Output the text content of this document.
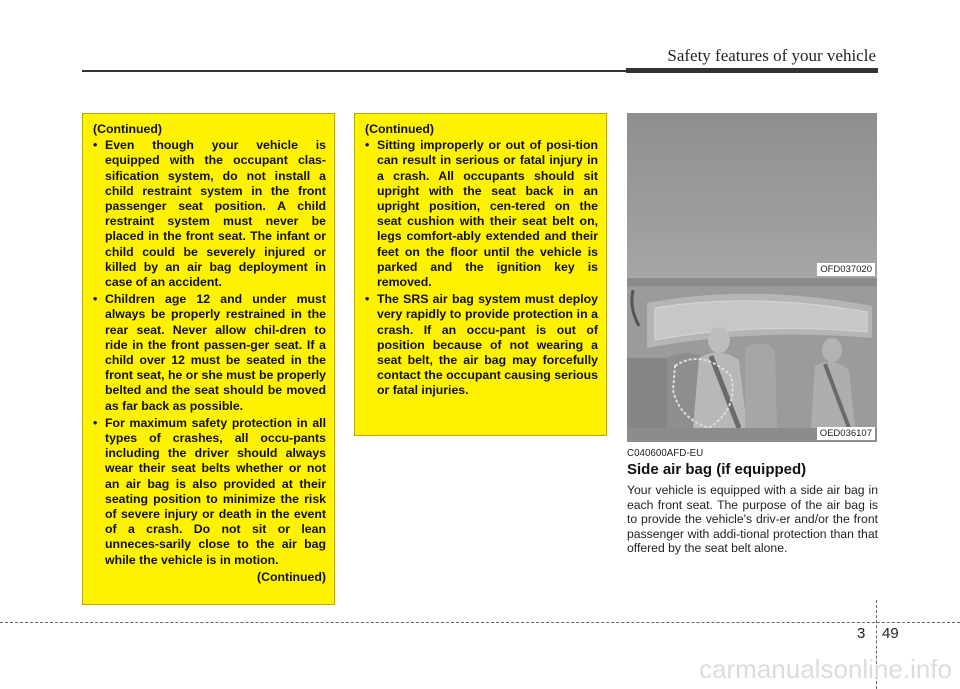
Safety features of your vehicle
(Continued)
• Even though your vehicle is equipped with the occupant clas-sification system, do not install a child restraint system in the front passenger seat position. A child restraint system must never be placed in the front seat. The infant or child could be severely injured or killed by an air bag deployment in case of an accident.
• Children age 12 and under must always be properly restrained in the rear seat. Never allow chil-dren to ride in the front passen-ger seat. If a child over 12 must be seated in the front seat, he or she must be properly belted and the seat should be moved as far back as possible.
• For maximum safety protection in all types of crashes, all occu-pants including the driver should always wear their seat belts whether or not an air bag is also provided at their seating position to minimize the risk of severe injury or death in the event of a crash. Do not sit or lean unneces-sarily close to the air bag while the vehicle is in motion.
(Continued)
(Continued)
• Sitting improperly or out of posi-tion can result in serious or fatal injury in a crash. All occupants should sit upright with the seat back in an upright position, cen-tered on the seat cushion with their seat belt on, legs comfort-ably extended and their feet on the floor until the vehicle is parked and the ignition key is removed.
• The SRS air bag system must deploy very rapidly to provide protection in a crash. If an occu-pant is out of position because of not wearing a seat belt, the air bag may forcefully contact the occupant causing serious or fatal injuries.
OFD037020
OED036107
C040600AFD-EU
Side air bag (if equipped)
Your vehicle is equipped with a side air bag in each front seat. The purpose of the air bag is to provide the vehicle's driv-er and/or the front passenger with addi-tional protection than that offered by the seat belt alone.
3 49
carmanualsonline.info
